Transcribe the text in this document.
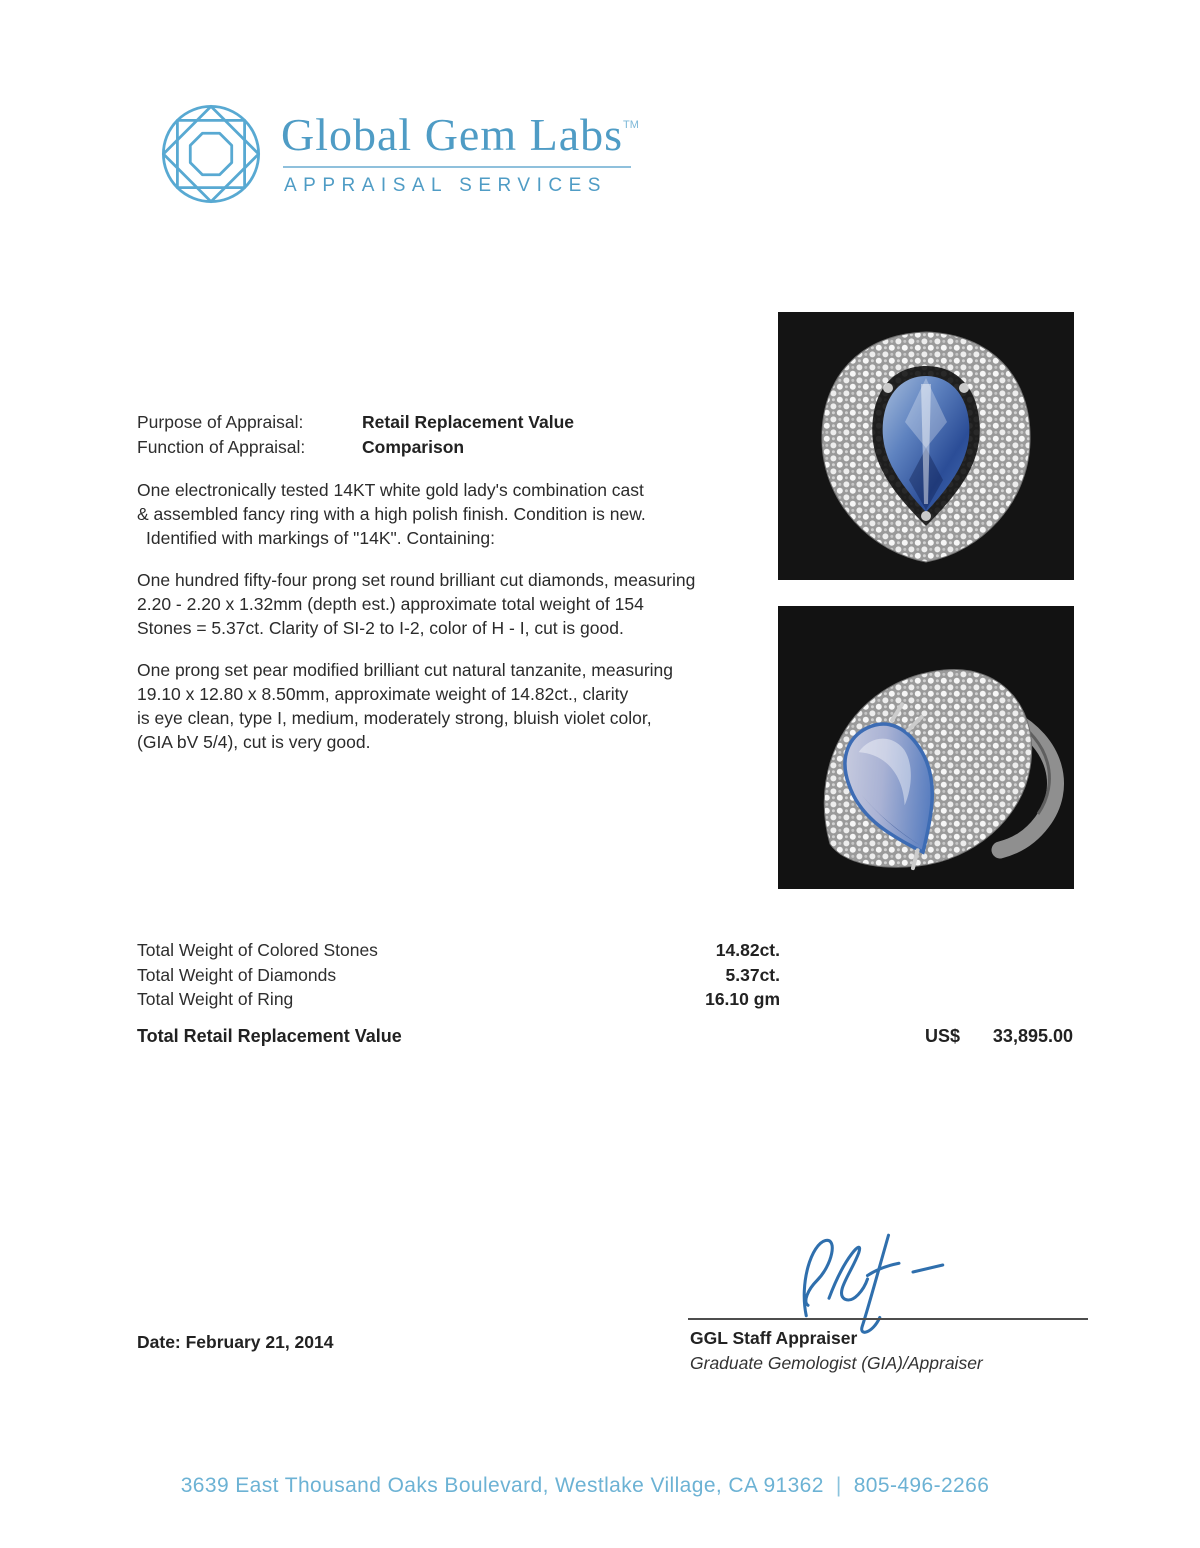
Global Gem Labs™
APPRAISAL SERVICES
Purpose of Appraisal:	Retail Replacement Value
Function of Appraisal:	Comparison
One electronically tested 14KT white gold lady's combination cast
& assembled fancy ring with a high polish finish. Condition is new.
Identified with markings of "14K". Containing:
One hundred fifty-four prong set round brilliant cut diamonds, measuring
2.20 - 2.20 x 1.32mm (depth est.) approximate total weight of 154
Stones = 5.37ct. Clarity of SI-2 to I-2, color of H - I, cut is good.
One prong set pear modified brilliant cut natural tanzanite, measuring
19.10 x 12.80 x 8.50mm, approximate weight of 14.82ct., clarity
is eye clean, type I, medium, moderately strong, bluish violet color,
(GIA bV 5/4), cut is very good.
Total Weight of Colored Stones	14.82ct.
Total Weight of Diamonds	5.37ct.
Total Weight of Ring	16.10 gm
Total Retail Replacement Value	US$ 33,895.00
Date: February 21, 2014	GGL Staff Appraiser
Graduate Gemologist (GIA)/Appraiser
3639 East Thousand Oaks Boulevard, Westlake Village, CA 91362 | 805-496-2266
